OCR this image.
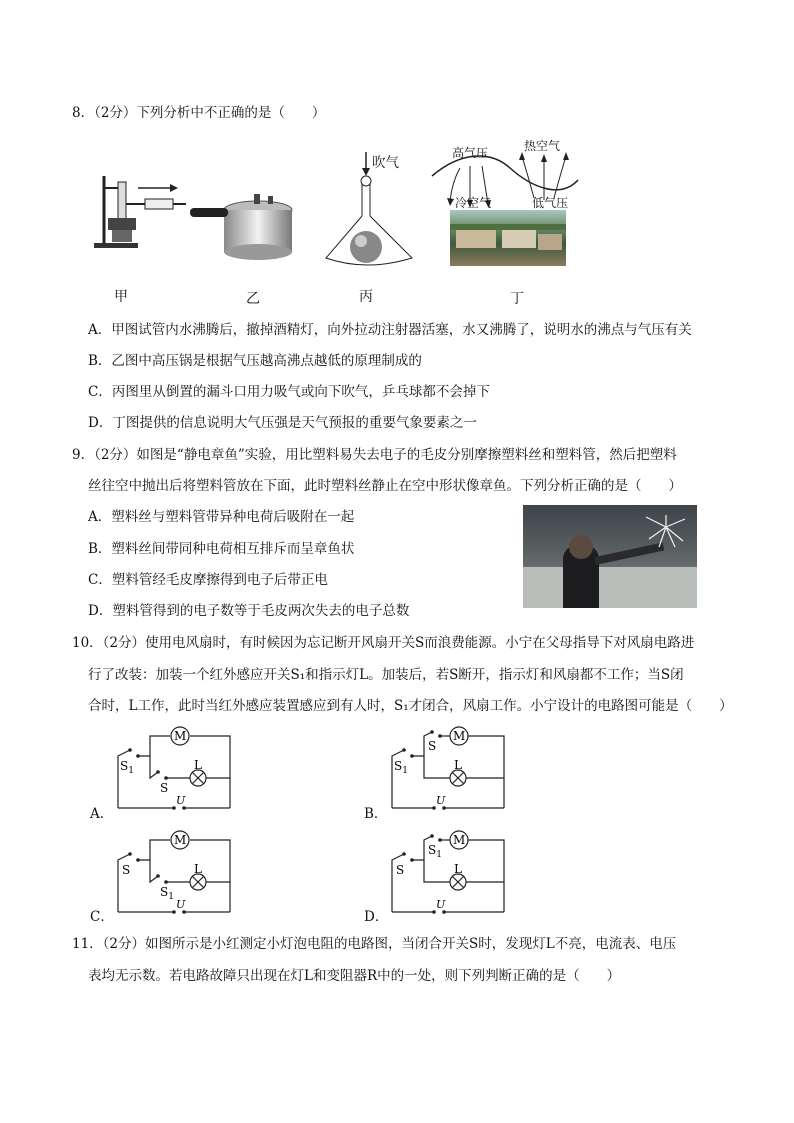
8．（2分）下列分析中不正确的是（　　）
甲	乙
吹气
丙
高气压	热空气
冷空气	低气压
丁
A．甲图试管内水沸腾后，撤掉酒精灯，向外拉动注射器活塞，水又沸腾了，说明水的沸点与气压有关
B．乙图中高压锅是根据气压越高沸点越低的原理制成的
C．丙图里从倒置的漏斗口用力吸气或向下吹气，乒乓球都不会掉下
D．丁图提供的信息说明大气压强是天气预报的重要气象要素之一
9．（2分）如图是“静电章鱼”实验，用比塑料易失去电子的毛皮分别摩擦塑料丝和塑料管，然后把塑料
丝往空中抛出后将塑料管放在下面，此时塑料丝静止在空中形状像章鱼。下列分析正确的是（　　）
A．塑料丝与塑料管带异种电荷后吸附在一起
B．塑料丝间带同种电荷相互排斥而呈章鱼状
C．塑料管经毛皮摩擦得到电子后带正电
D．塑料管得到的电子数等于毛皮两次失去的电子总数
10．（2分）使用电风扇时，有时候因为忘记断开风扇开关S而浪费能源。小宁在父母指导下对风扇电路进
行了改装：加装一个红外感应开关S₁和指示灯L。加装后，若S断开，指示灯和风扇都不工作；当S闭
合时，L工作，此时当红外感应装置感应到有人时，S₁才闭合，风扇工作。小宁设计的电路图可能是（　　）
M
L
$S_1$
S
U
A．
M
L
$S_1$
S
U
B．
M
L
S
$S_1$
U
C．
M
L
S
$S_1$
U
D．
11．（2分）如图所示是小红测定小灯泡电阻的电路图，当闭合开关S时，发现灯L不亮，电流表、电压
表均无示数。若电路故障只出现在灯L和变阻器R中的一处，则下列判断正确的是（　　）
